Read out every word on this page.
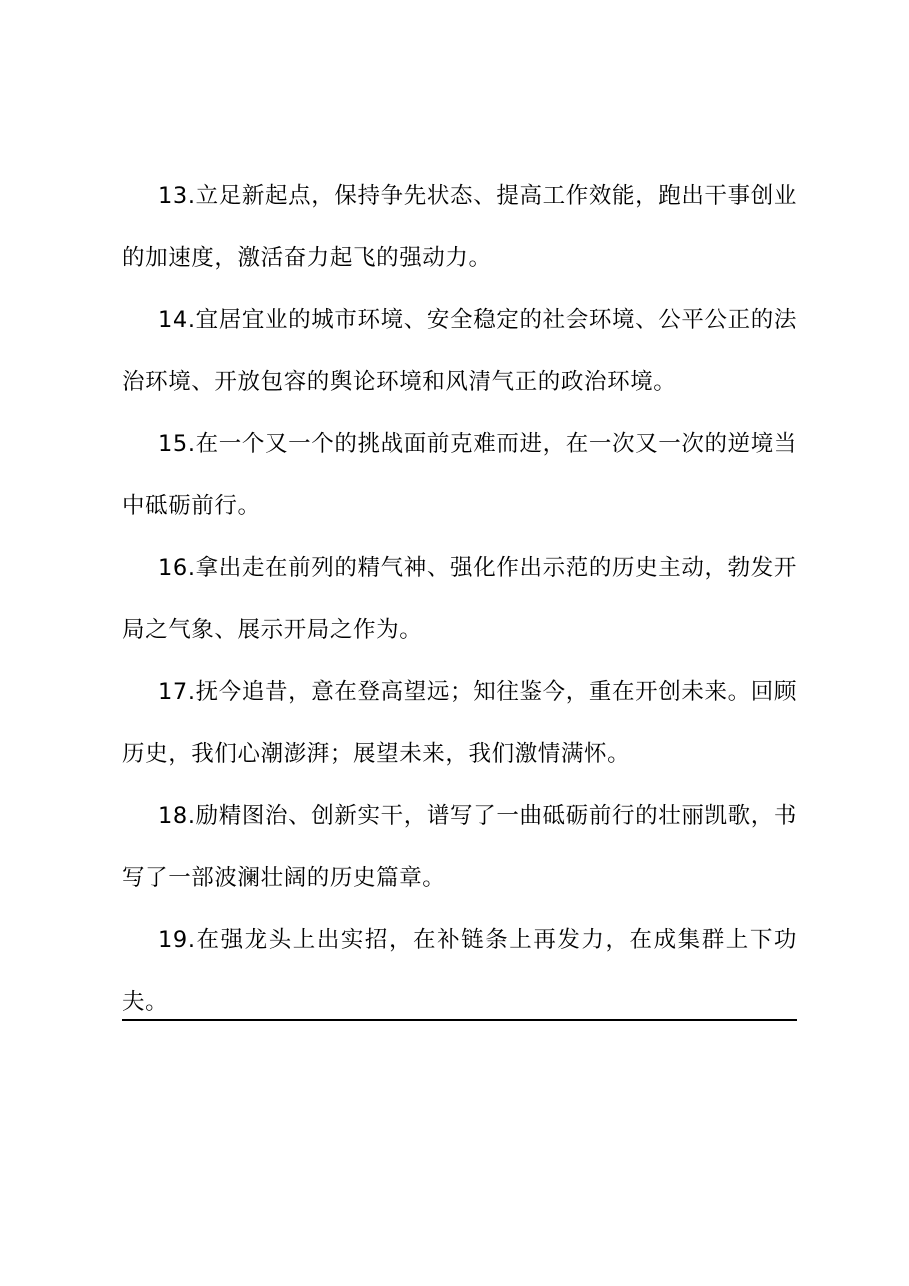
13.立足新起点，保持争先状态、提高工作效能，跑出干事创业的加速度，激活奋力起飞的强动力。

14.宜居宜业的城市环境、安全稳定的社会环境、公平公正的法治环境、开放包容的舆论环境和风清气正的政治环境。

15.在一个又一个的挑战面前克难而进，在一次又一次的逆境当中砥砺前行。

16.拿出走在前列的精气神、强化作出示范的历史主动，勃发开局之气象、展示开局之作为。

17.抚今追昔，意在登高望远；知往鉴今，重在开创未来。回顾历史，我们心潮澎湃；展望未来，我们激情满怀。

18.励精图治、创新实干，谱写了一曲砥砺前行的壮丽凯歌，书写了一部波澜壮阔的历史篇章。

19.在强龙头上出实招，在补链条上再发力，在成集群上下功夫。
